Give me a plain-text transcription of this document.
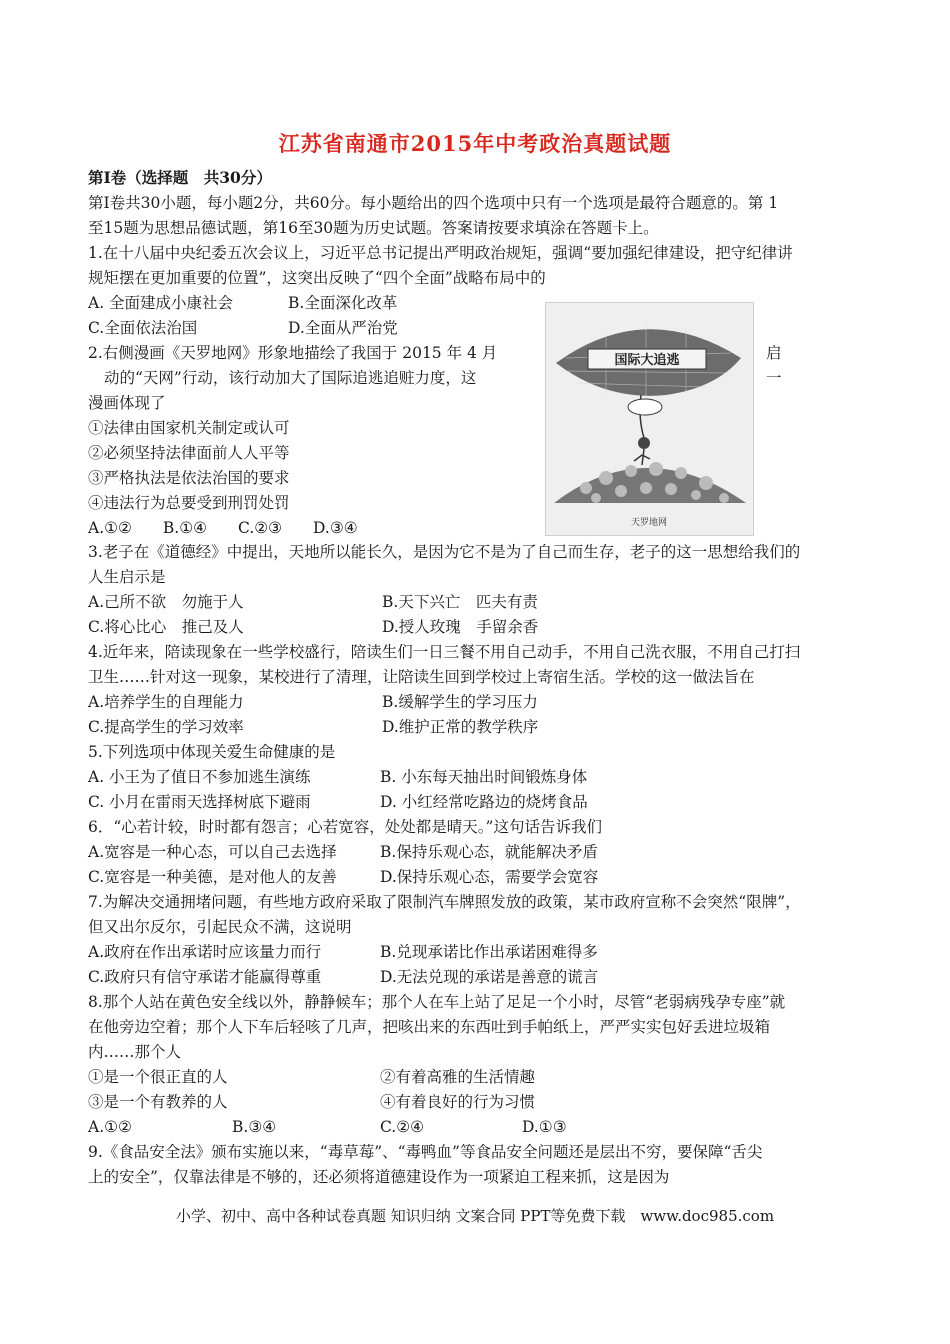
江苏省南通市2015年中考政治真题试题
第Ⅰ卷（选择题　共30分）
第Ⅰ卷共30小题，每小题2分，共60分。每小题给出的四个选项中只有一个选项是最符合题意的。第 1
至15题为思想品德试题，第16至30题为历史试题。答案请按要求填涂在答题卡上。
1.在十八届中央纪委五次会议上，习近平总书记提出严明政治规矩，强调“要加强纪律建设，把守纪律讲
规矩摆在更加重要的位置”，这突出反映了“四个全面”战略布局中的
A. 全面建成小康社会	B.全面深化改革
C.全面依法治国	D.全面从严治党
2.右侧漫画《天罗地网》形象地描绘了我国于 2015 年 4 月	启
动的“天网”行动，该行动加大了国际追逃追赃力度，这	一
漫画体现了
①法律由国家机关制定或认可
②必须坚持法律面前人人平等
③严格执法是依法治国的要求
④违法行为总要受到刑罚处罚
A.①②　　B.①④　　C.②③　　D.③④
国际大追逃
天罗地网
3.老子在《道德经》中提出，天地所以能长久，是因为它不是为了自己而生存，老子的这一思想给我们的
人生启示是
A.己所不欲　勿施于人	B.天下兴亡　匹夫有责
C.将心比心　推己及人	D.授人玫瑰　手留余香
4.近年来，陪读现象在一些学校盛行，陪读生们一日三餐不用自己动手，不用自己洗衣服，不用自己打扫
卫生……针对这一现象，某校进行了清理，让陪读生回到学校过上寄宿生活。学校的这一做法旨在
A.培养学生的自理能力	B.缓解学生的学习压力
C.提高学生的学习效率	D.维护正常的教学秩序
5.下列选项中体现关爱生命健康的是
A. 小王为了值日不参加逃生演练	B. 小东每天抽出时间锻炼身体
C. 小月在雷雨天选择树底下避雨	D. 小红经常吃路边的烧烤食品
6．“心若计较，时时都有怨言；心若宽容，处处都是晴天。”这句话告诉我们
A.宽容是一种心态，可以自己去选择	B.保持乐观心态，就能解决矛盾
C.宽容是一种美德，是对他人的友善	D.保持乐观心态，需要学会宽容
7.为解决交通拥堵问题，有些地方政府采取了限制汽车牌照发放的政策，某市政府宣称不会突然“限牌”，
但又出尔反尔，引起民众不满，这说明
A.政府在作出承诺时应该量力而行	B.兑现承诺比作出承诺困难得多
C.政府只有信守承诺才能赢得尊重	D.无法兑现的承诺是善意的谎言
8.那个人站在黄色安全线以外，静静候车；那个人在车上站了足足一个小时，尽管“老弱病残孕专座”就
在他旁边空着；那个人下车后轻咳了几声，把咳出来的东西吐到手帕纸上，严严实实包好丢进垃圾箱
内……那个人
①是一个很正直的人	②有着高雅的生活情趣
③是一个有教养的人	④有着良好的行为习惯
A.①②	B.③④	C.②④	D.①③
9.《食品安全法》颁布实施以来，“毒草莓”、“毒鸭血”等食品安全问题还是层出不穷，要保障“舌尖
上的安全”，仅靠法律是不够的，还必须将道德建设作为一项紧迫工程来抓，这是因为
小学、初中、高中各种试卷真题 知识归纳 文案合同 PPT等免费下载　www.doc985.com
